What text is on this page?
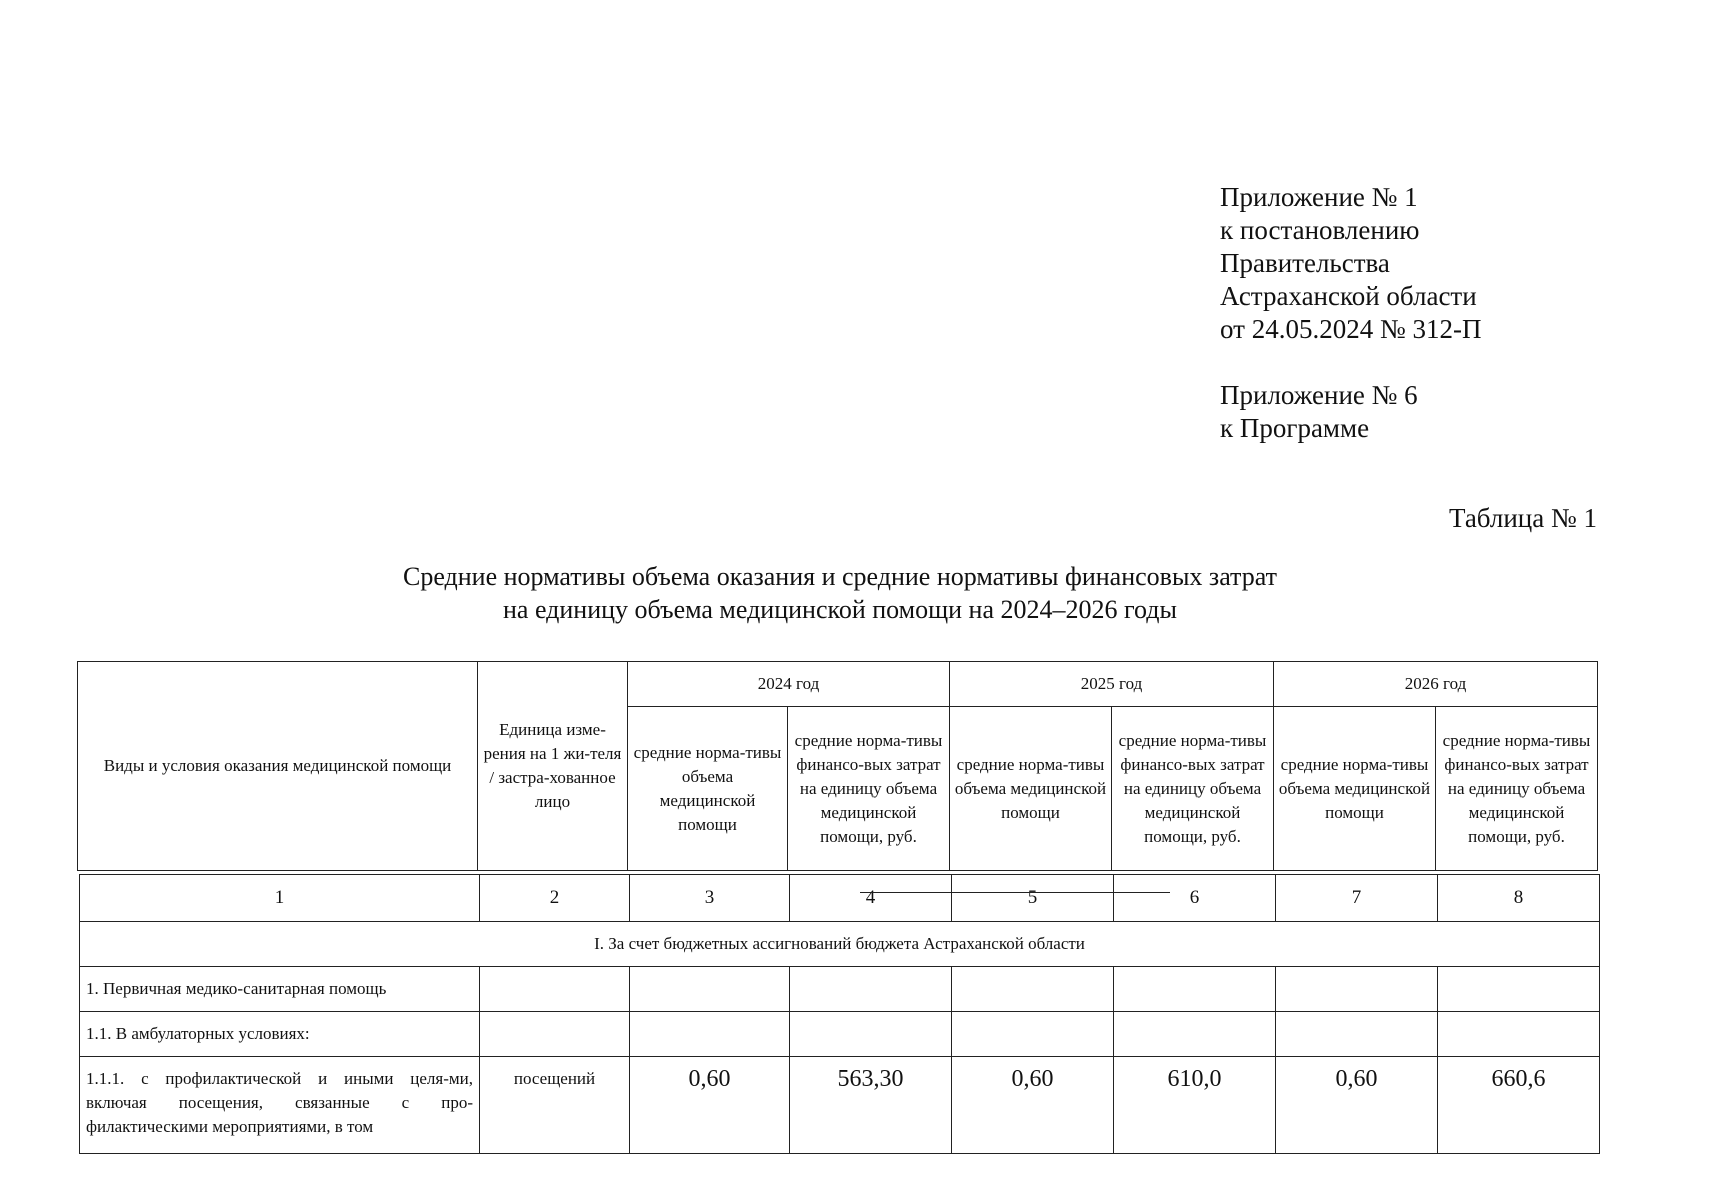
Приложение № 1
к постановлению
Правительства
Астраханской области
от 24.05.2024 № 312-П
Приложение № 6
к Программе
Таблица № 1
Средние нормативы объема оказания и средние нормативы финансовых затрат
на единицу объема медицинской помощи на 2024–2026 годы
Виды и условия оказания медицинской помощи	Единица изме-рения на 1 жи-теля / застра-хованное лицо	2024 год		2025 год		2026 год	
		средние норма-тивы объема медицинской помощи	средние норма-тивы финансо-вых затрат на единицу объема медицинской помощи, руб.	средние норма-тивы объема медицинской помощи	средние норма-тивы финансо-вых затрат на единицу объема медицинской помощи, руб.	средние норма-тивы объема медицинской помощи	средние норма-тивы финансо-вых затрат на единицу объема медицинской помощи, руб.
1	2	3	4	5	6	7	8
I. За счет бюджетных ассигнований бюджета Астраханской области							
1. Первичная медико-санитарная помощь							
1.1. В амбулаторных условиях:							
1.1.1. с профилактической и иными целя-ми, включая посещения, связанные с про-филактическими мероприятиями, в том	посещений	0,60	563,30	0,60	610,0	0,60	660,6
